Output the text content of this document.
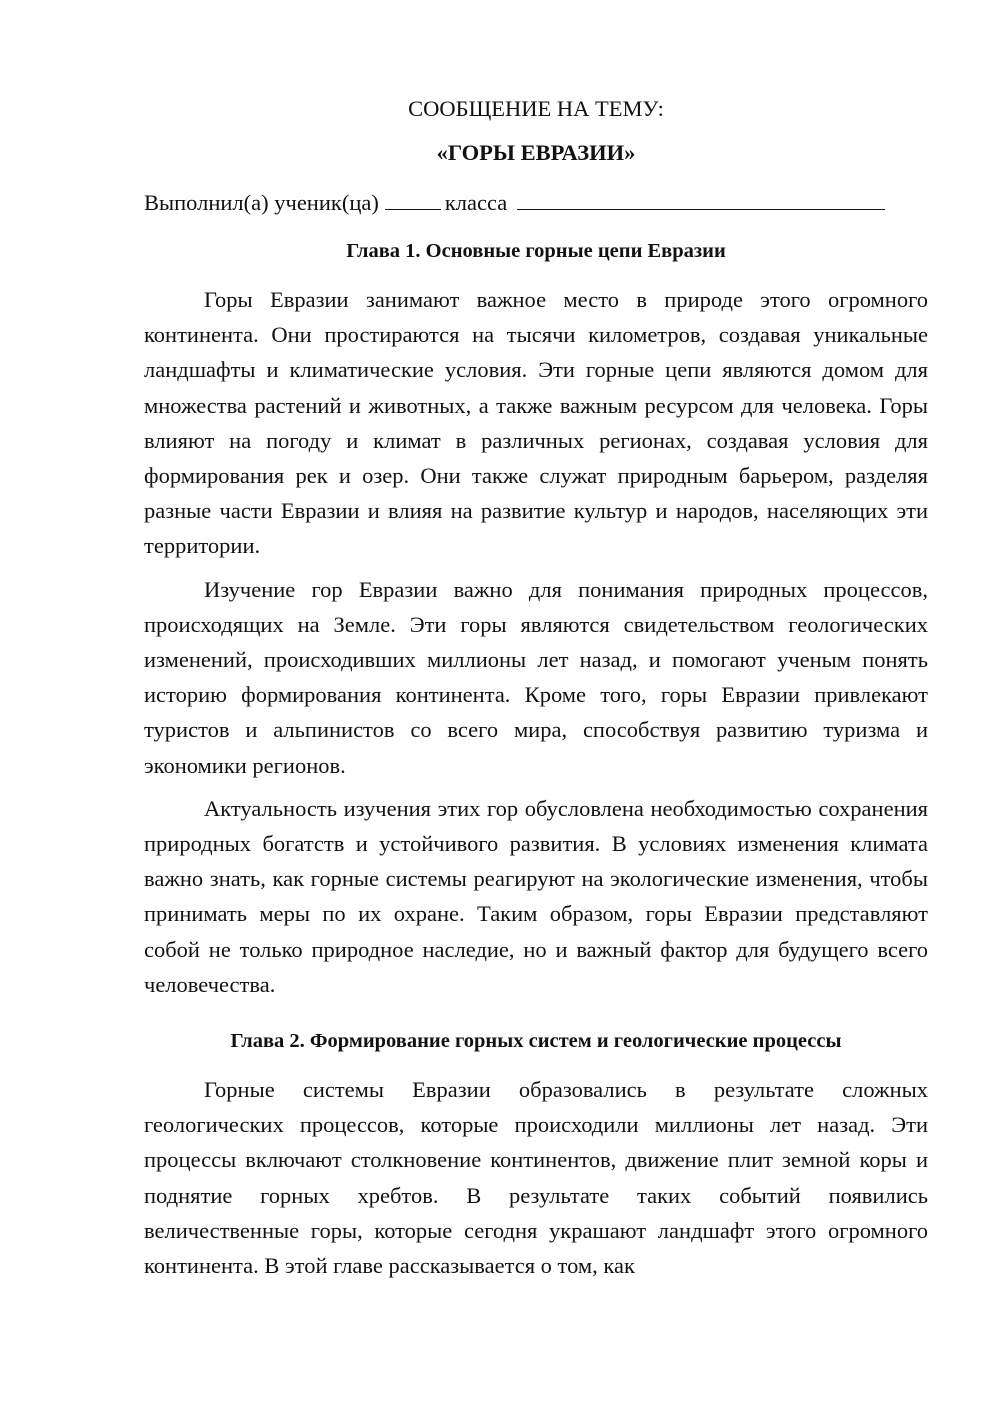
СООБЩЕНИЕ НА ТЕМУ:

«ГОРЫ ЕВРАЗИИ»

Выполнил(а) ученик(ца)	класса

Глава 1. Основные горные цепи Евразии

Горы Евразии занимают важное место в природе этого огромного континента. Они простираются на тысячи километров, создавая уникальные ландшафты и климатические условия. Эти горные цепи являются домом для множества растений и животных, а также важным ресурсом для человека. Горы влияют на погоду и климат в различных регионах, создавая условия для формирования рек и озер. Они также служат природным барьером, разделяя разные части Евразии и влияя на развитие культур и народов, населяющих эти территории.

Изучение гор Евразии важно для понимания природных процессов, происходящих на Земле. Эти горы являются свидетельством геологических изменений, происходивших миллионы лет назад, и помогают ученым понять историю формирования континента. Кроме того, горы Евразии привлекают туристов и альпинистов со всего мира, способствуя развитию туризма и экономики регионов.

Актуальность изучения этих гор обусловлена необходимостью сохранения природных богатств и устойчивого развития. В условиях изменения климата важно знать, как горные системы реагируют на экологические изменения, чтобы принимать меры по их охране. Таким образом, горы Евразии представляют собой не только природное наследие, но и важный фактор для будущего всего человечества.

Глава 2. Формирование горных систем и геологические процессы

Горные системы Евразии образовались в результате сложных геологических процессов, которые происходили миллионы лет назад. Эти процессы включают столкновение континентов, движение плит земной коры и поднятие горных хребтов. В результате таких событий появились величественные горы, которые сегодня украшают ландшафт этого огромного континента. В этой главе рассказывается о том, как
